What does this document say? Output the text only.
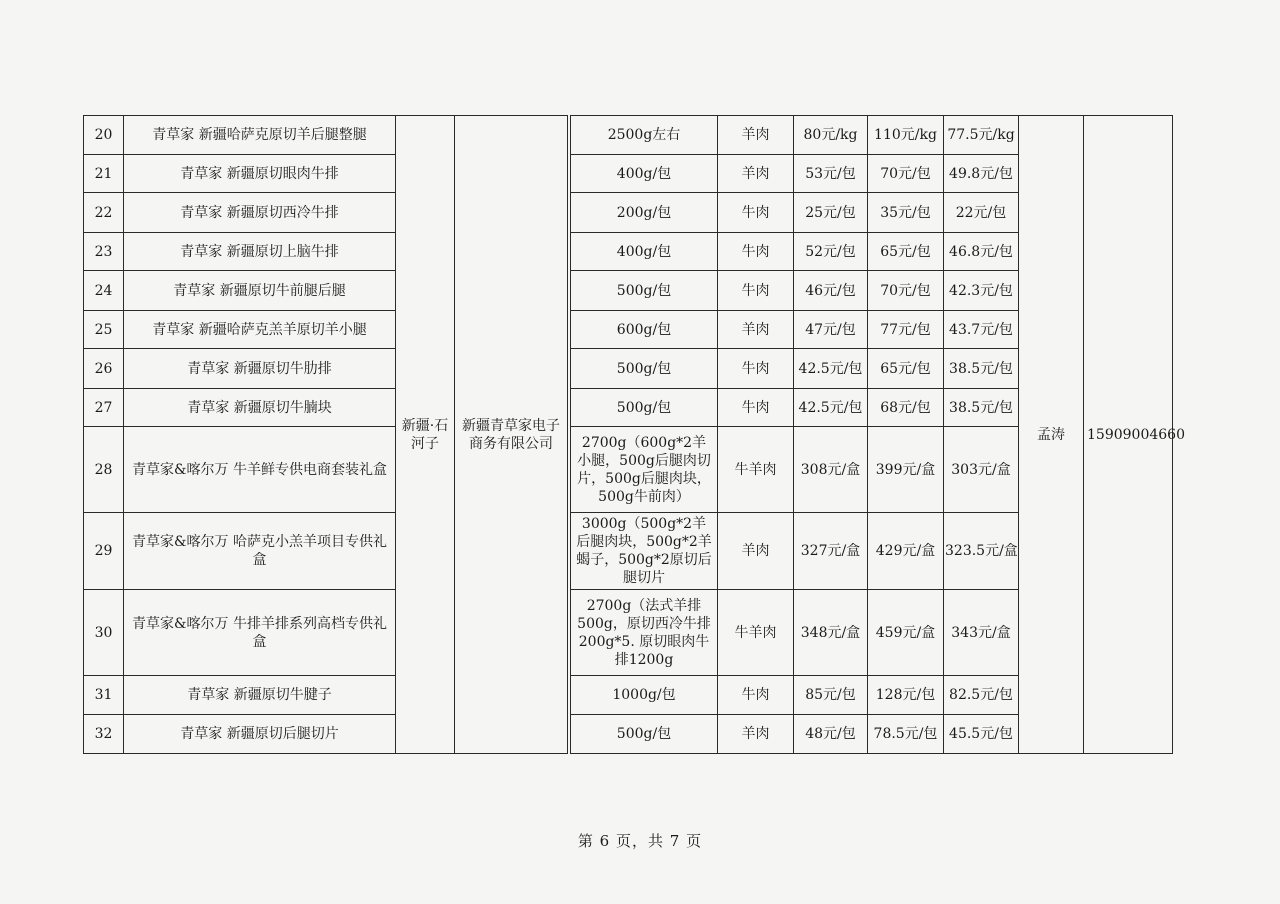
20	青草家 新疆哈萨克原切羊后腿整腿	新疆·石河子	新疆青草家电子商务有限公司		2500g左右	羊肉	80元/kg	110元/kg	77.5元/kg	孟涛	15909004660
21	青草家 新疆原切眼肉牛排				400g/包	羊肉	53元/包	70元/包	49.8元/包		
22	青草家 新疆原切西冷牛排				200g/包	牛肉	25元/包	35元/包	22元/包		
23	青草家 新疆原切上脑牛排				400g/包	牛肉	52元/包	65元/包	46.8元/包		
24	青草家 新疆原切牛前腿后腿				500g/包	牛肉	46元/包	70元/包	42.3元/包		
25	青草家 新疆哈萨克羔羊原切羊小腿				600g/包	羊肉	47元/包	77元/包	43.7元/包		
26	青草家 新疆原切牛肋排				500g/包	牛肉	42.5元/包	65元/包	38.5元/包		
27	青草家 新疆原切牛腩块				500g/包	牛肉	42.5元/包	68元/包	38.5元/包		
28	青草家&喀尔万 牛羊鲜专供电商套装礼盒				2700g（600g*2羊小腿，500g后腿肉切片，500g后腿肉块，500g牛前肉）	牛羊肉	308元/盒	399元/盒	303元/盒		
29	青草家&喀尔万 哈萨克小羔羊项目专供礼盒				3000g（500g*2羊后腿肉块，500g*2羊蝎子，500g*2原切后腿切片	羊肉	327元/盒	429元/盒	323.5元/盒		
30	青草家&喀尔万 牛排羊排系列高档专供礼盒				2700g（法式羊排500g，原切西冷牛排200g*5. 原切眼肉牛排1200g	牛羊肉	348元/盒	459元/盒	343元/盒		
31	青草家 新疆原切牛腱子				1000g/包	牛肉	85元/包	128元/包	82.5元/包		
32	青草家 新疆原切后腿切片				500g/包	羊肉	48元/包	78.5元/包	45.5元/包		
第 6 页，共 7 页
